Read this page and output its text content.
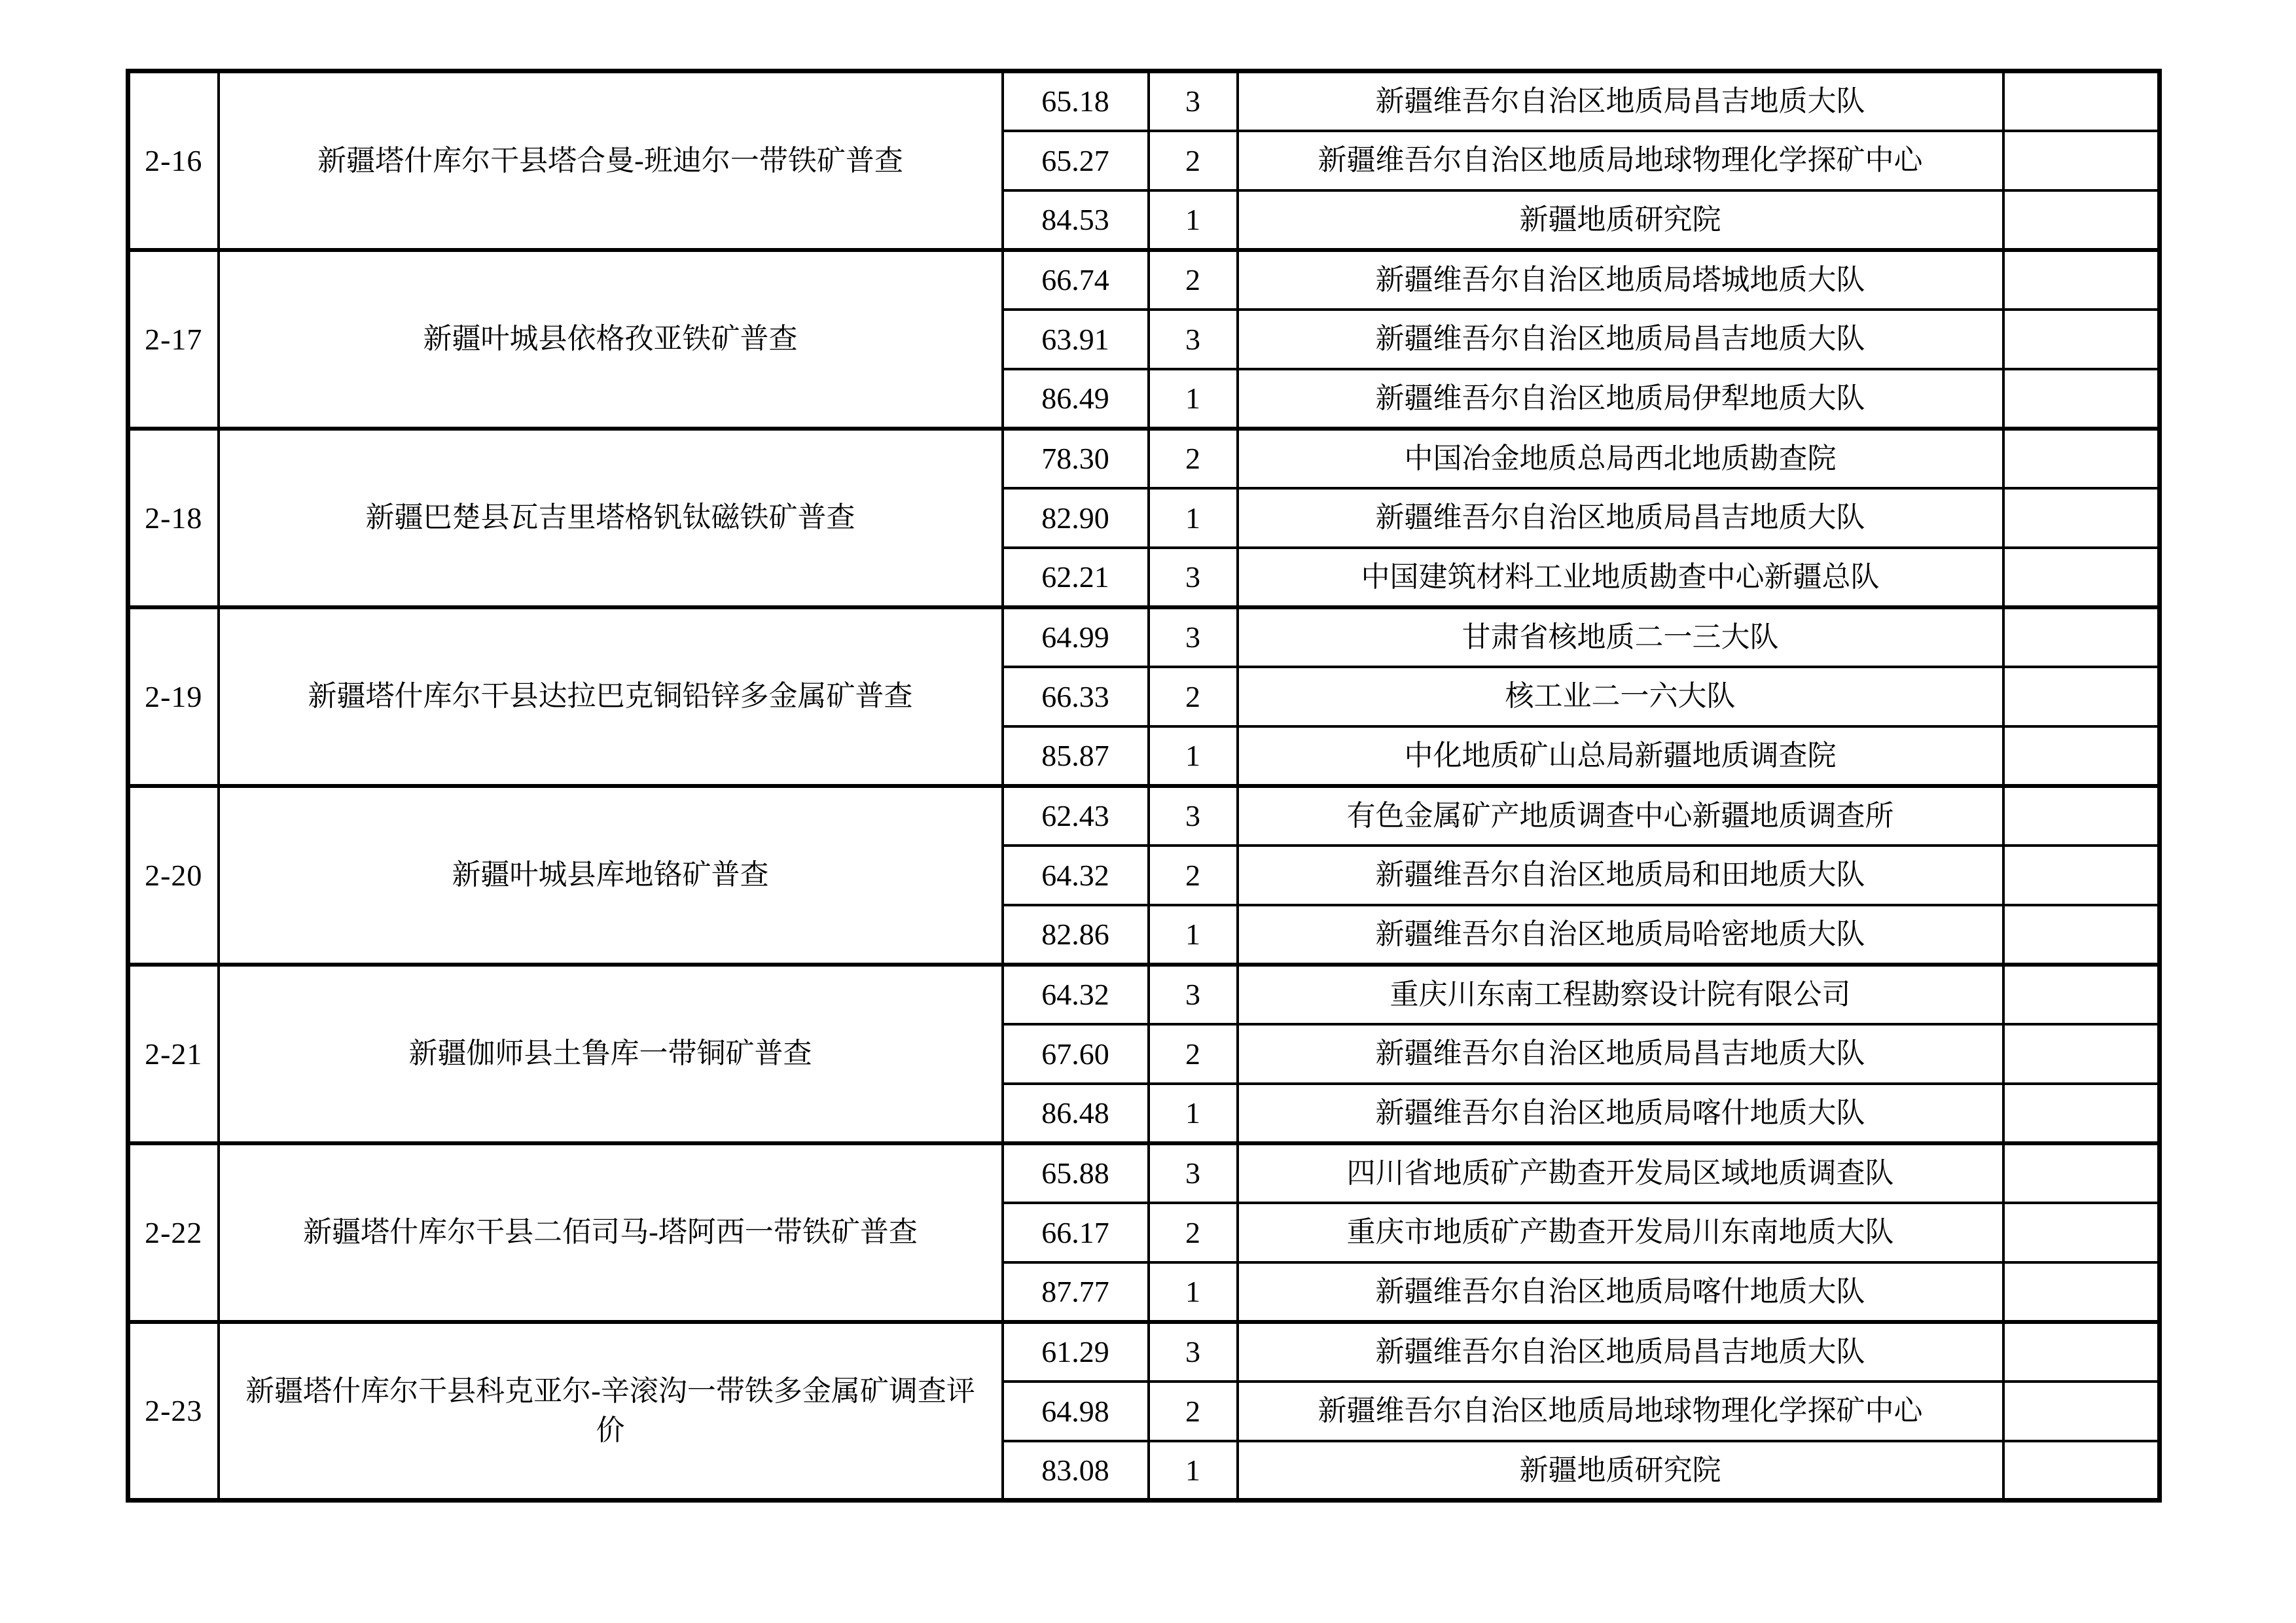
2-16	新疆塔什库尔干县塔合曼-班迪尔一带铁矿普查	65.18	3	新疆维吾尔自治区地质局昌吉地质大队	
		65.27	2	新疆维吾尔自治区地质局地球物理化学探矿中心	
		84.53	1	新疆地质研究院	
2-17	新疆叶城县依格孜亚铁矿普查	66.74	2	新疆维吾尔自治区地质局塔城地质大队	
		63.91	3	新疆维吾尔自治区地质局昌吉地质大队	
		86.49	1	新疆维吾尔自治区地质局伊犁地质大队	
2-18	新疆巴楚县瓦吉里塔格钒钛磁铁矿普查	78.30	2	中国冶金地质总局西北地质勘查院	
		82.90	1	新疆维吾尔自治区地质局昌吉地质大队	
		62.21	3	中国建筑材料工业地质勘查中心新疆总队	
2-19	新疆塔什库尔干县达拉巴克铜铅锌多金属矿普查	64.99	3	甘肃省核地质二一三大队	
		66.33	2	核工业二一六大队	
		85.87	1	中化地质矿山总局新疆地质调查院	
2-20	新疆叶城县库地铬矿普查	62.43	3	有色金属矿产地质调查中心新疆地质调查所	
		64.32	2	新疆维吾尔自治区地质局和田地质大队	
		82.86	1	新疆维吾尔自治区地质局哈密地质大队	
2-21	新疆伽师县土鲁库一带铜矿普查	64.32	3	重庆川东南工程勘察设计院有限公司	
		67.60	2	新疆维吾尔自治区地质局昌吉地质大队	
		86.48	1	新疆维吾尔自治区地质局喀什地质大队	
2-22	新疆塔什库尔干县二佰司马-塔阿西一带铁矿普查	65.88	3	四川省地质矿产勘查开发局区域地质调查队	
		66.17	2	重庆市地质矿产勘查开发局川东南地质大队	
		87.77	1	新疆维吾尔自治区地质局喀什地质大队	
2-23	新疆塔什库尔干县科克亚尔-辛滚沟一带铁多金属矿调查评价	61.29	3	新疆维吾尔自治区地质局昌吉地质大队	
		64.98	2	新疆维吾尔自治区地质局地球物理化学探矿中心	
		83.08	1	新疆地质研究院	
